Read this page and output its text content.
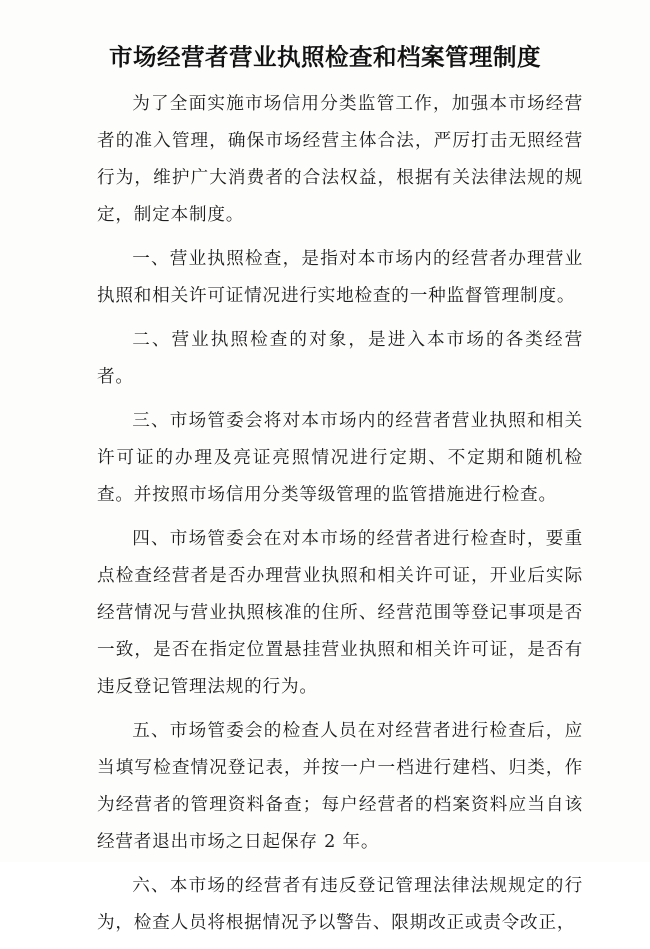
市场经营者营业执照检查和档案管理制度

为了全面实施市场信用分类监管工作，加强本市场经营者的准入管理，确保市场经营主体合法，严厉打击无照经营行为，维护广大消费者的合法权益，根据有关法律法规的规定，制定本制度。

一、营业执照检查，是指对本市场内的经营者办理营业执照和相关许可证情况进行实地检查的一种监督管理制度。

二、营业执照检查的对象，是进入本市场的各类经营者。

三、市场管委会将对本市场内的经营者营业执照和相关许可证的办理及亮证亮照情况进行定期、不定期和随机检查。并按照市场信用分类等级管理的监管措施进行检查。

四、市场管委会在对本市场的经营者进行检查时，要重点检查经营者是否办理营业执照和相关许可证，开业后实际经营情况与营业执照核准的住所、经营范围等登记事项是否一致，是否在指定位置悬挂营业执照和相关许可证，是否有违反登记管理法规的行为。

五、市场管委会的检查人员在对经营者进行检查后，应当填写检查情况登记表，并按一户一档进行建档、归类，作为经营者的管理资料备查；每户经营者的档案资料应当自该经营者退出市场之日起保存 2 年。

六、本市场的经营者有违反登记管理法律法规规定的行为，检查人员将根据情况予以警告、限期改正或责令改正，
